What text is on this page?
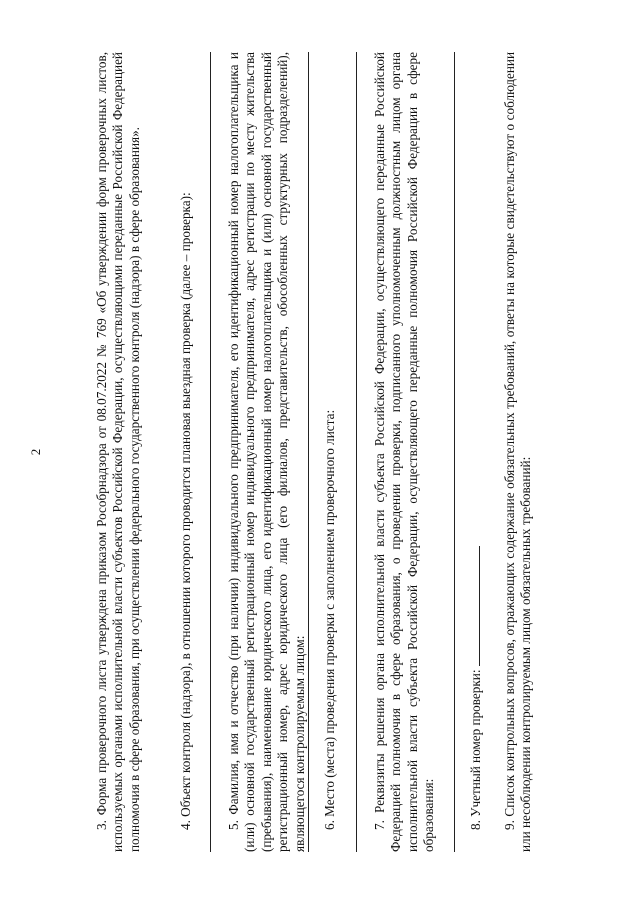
2	3. Форма проверочного листа утверждена приказом Рособрнадзора от 08.07.2022 № 769 «Об утверждении форм проверочных листов, используемых органами исполнительной власти субъектов Российской Федерации, осуществляющими переданные Российской Федерацией полномочия в сфере образования, при осуществлении федерального государственного контроля (надзора) в сфере образования».	4. Объект контроля (надзора), в отношении которого проводится плановая выездная проверка (далее – проверка):	5. Фамилия, имя и отчество (при наличии) индивидуального предпринимателя, его идентификационный номер налогоплательщика и (или) основной государственный регистрационный номер индивидуального предпринимателя, адрес регистрации по месту жительства (пребывания), наименование юридического лица, его идентификационный номер налогоплательщика и (или) основной государственный регистрационный номер, адрес юридического лица (его филиалов, представительств, обособленных структурных подразделений), являющегося контролируемым лицом: 6. Место (места) проведения проверки с заполнением проверочного листа:	7. Реквизиты решения органа исполнительной власти субъекта Российской Федерации, осуществляющего переданные Российской Федерацией полномочия в сфере образования, о проведении проверки, подписанного уполномоченным должностным лицом органа исполнительной власти субъекта Российской Федерации, осуществляющего переданные полномочия Российской Федерации в сфере образования: 8. Учетный номер проверки: 9. Список контрольных вопросов, отражающих содержание обязательных требований, ответы на которые свидетельствуют о соблюдении или несоблюдении контролируемым лицом обязательных требований:
